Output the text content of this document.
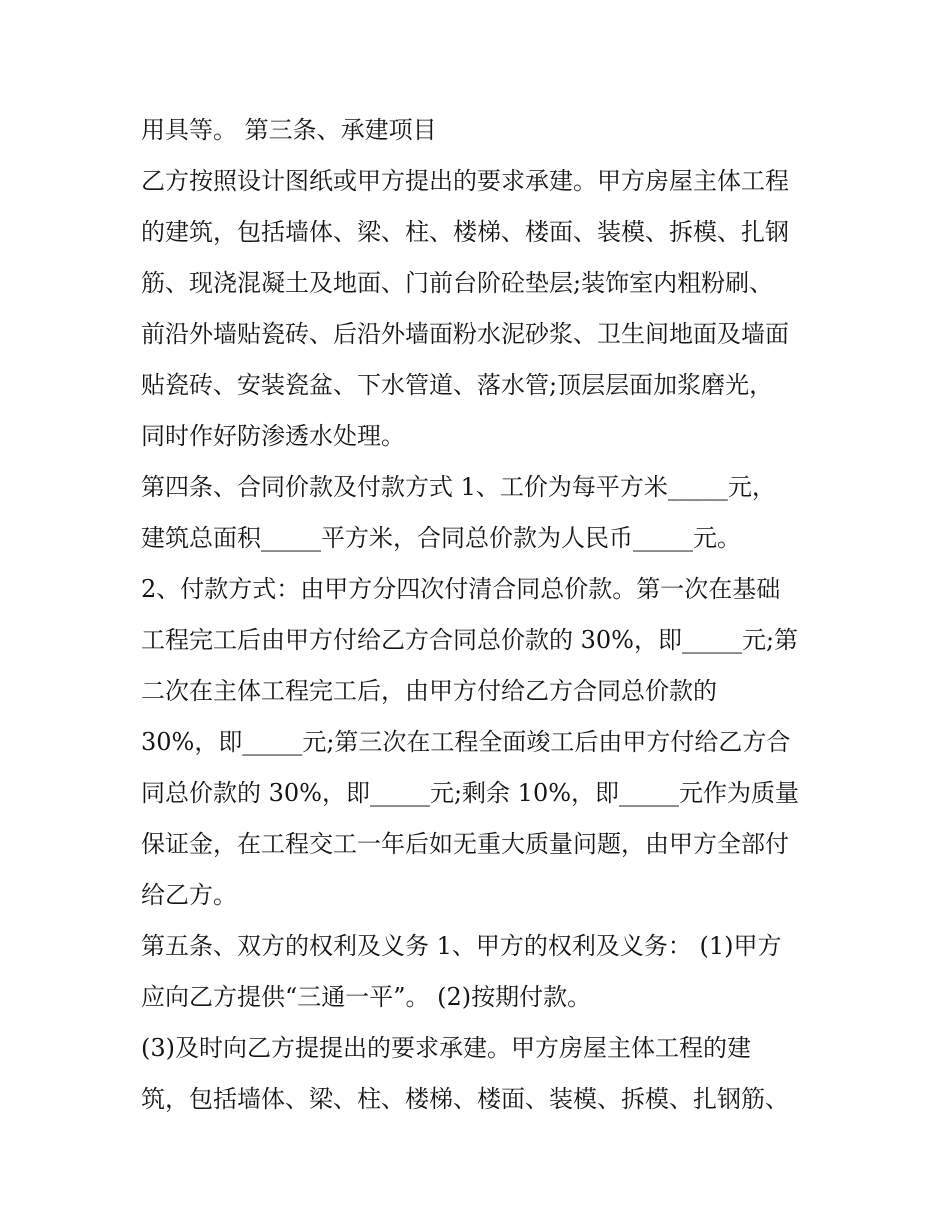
用具等。 第三条、承建项目
乙方按照设计图纸或甲方提出的要求承建。甲方房屋主体工程
的建筑，包括墙体、梁、柱、楼梯、楼面、装模、拆模、扎钢
筋、现浇混凝土及地面、门前台阶砼垫层;装饰室内粗粉刷、
前沿外墙贴瓷砖、后沿外墙面粉水泥砂浆、卫生间地面及墙面
贴瓷砖、安装瓷盆、下水管道、落水管;顶层层面加浆磨光，
同时作好防渗透水处理。
第四条、合同价款及付款方式 1、工价为每平方米_____元，
建筑总面积_____平方米，合同总价款为人民币_____元。
2、付款方式：由甲方分四次付清合同总价款。第一次在基础
工程完工后由甲方付给乙方合同总价款的 30%，即_____元;第
二次在主体工程完工后，由甲方付给乙方合同总价款的
30%，即_____元;第三次在工程全面竣工后由甲方付给乙方合
同总价款的 30%，即_____元;剩余 10%，即_____元作为质量
保证金，在工程交工一年后如无重大质量问题，由甲方全部付
给乙方。
第五条、双方的权利及义务 1、甲方的权利及义务： (1)甲方
应向乙方提供“三通一平”。 (2)按期付款。
(3)及时向乙方提提出的要求承建。甲方房屋主体工程的建
筑，包括墙体、梁、柱、楼梯、楼面、装模、拆模、扎钢筋、
